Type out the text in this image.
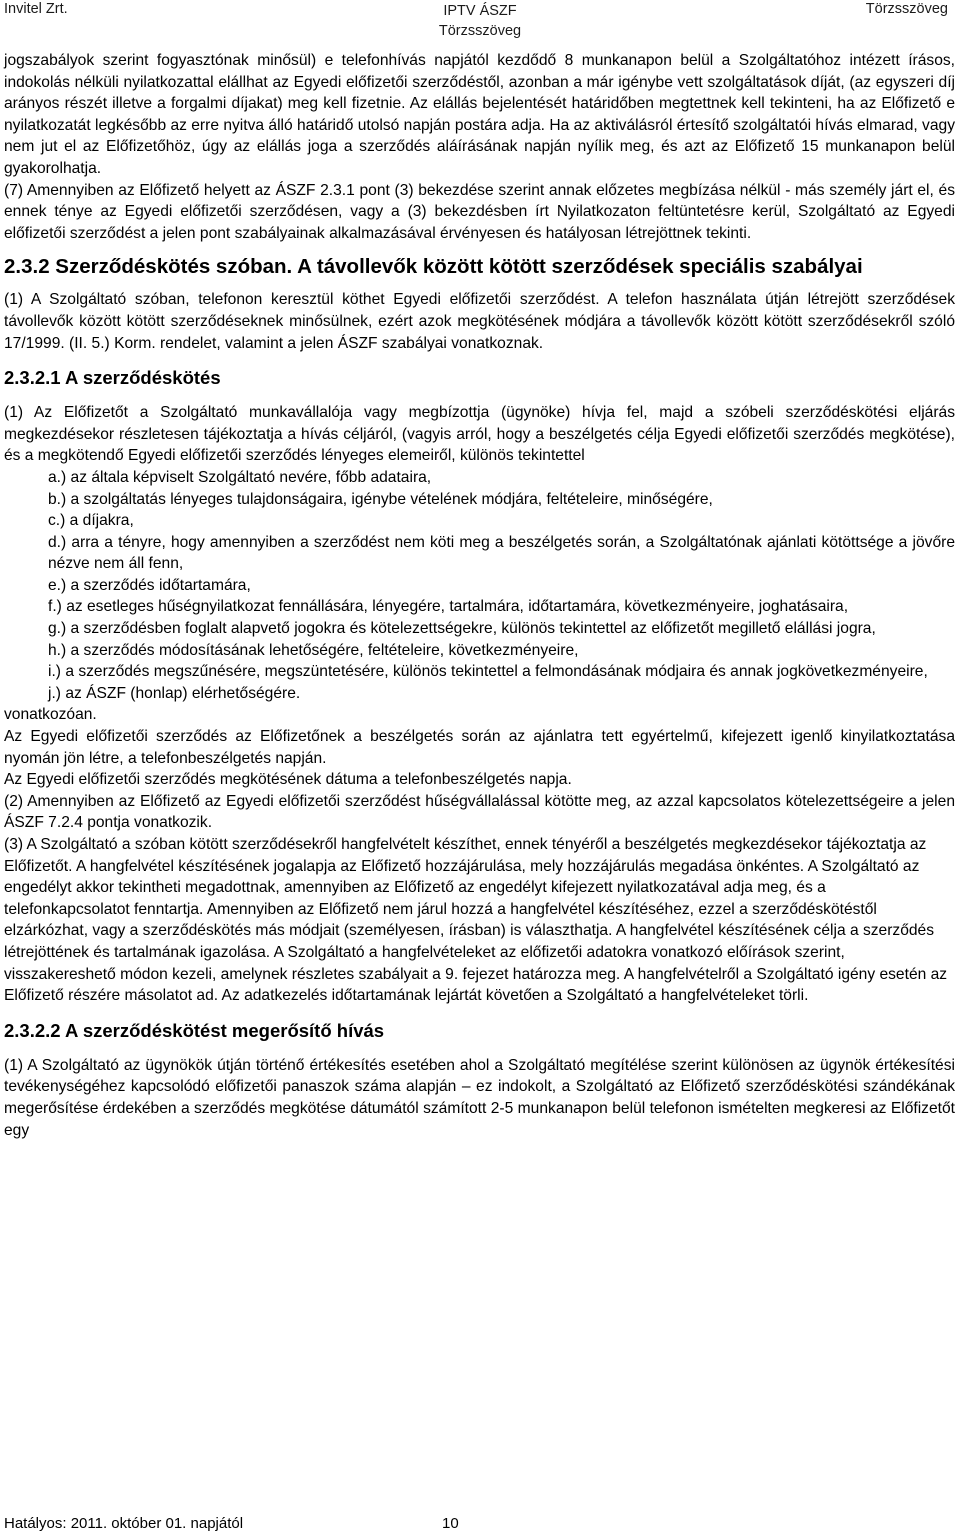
Invitel Zrt.	IPTV ÁSZF
Törzsszöveg
Törzsszöveg

jogszabályok szerint fogyasztónak minősül) e telefonhívás napjától kezdődő 8 munkanapon belül a Szolgáltatóhoz intézett írásos, indokolás nélküli nyilatkozattal elállhat az Egyedi előfizetői szerződéstől, azonban a már igénybe vett szolgáltatások díját, (az egyszeri díj arányos részét illetve a forgalmi díjakat) meg kell fizetnie. Az elállás bejelentését határidőben megtettnek kell tekinteni, ha az Előfizető e nyilatkozatát legkésőbb az erre nyitva álló határidő utolsó napján postára adja. Ha az aktiválásról értesítő szolgáltatói hívás elmarad, vagy nem jut el az Előfizetőhöz, úgy az elállás joga a szerződés aláírásának napján nyílik meg, és azt az Előfizető 15 munkanapon belül gyakorolhatja.

(7) Amennyiben az Előfizető helyett az ÁSZF 2.3.1 pont (3) bekezdése szerint annak előzetes megbízása nélkül - más személy járt el, és ennek ténye az Egyedi előfizetői szerződésen, vagy a (3) bekezdésben írt Nyilatkozaton feltüntetésre kerül, Szolgáltató az Egyedi előfizetői szerződést a jelen pont szabályainak alkalmazásával érvényesen és hatályosan létrejöttnek tekinti.

2.3.2 Szerződéskötés szóban. A távollevők között kötött szerződések speciális szabályai

(1) A Szolgáltató szóban, telefonon keresztül köthet Egyedi előfizetői szerződést. A telefon használata útján létrejött szerződések távollevők között kötött szerződéseknek minősülnek, ezért azok megkötésének módjára a távollevők között kötött szerződésekről szóló 17/1999. (II. 5.) Korm. rendelet, valamint a jelen ÁSZF szabályai vonatkoznak.

2.3.2.1 A szerződéskötés

(1) Az Előfizetőt a Szolgáltató munkavállalója vagy megbízottja (ügynöke) hívja fel, majd a szóbeli szerződéskötési eljárás megkezdésekor részletesen tájékoztatja a hívás céljáról, (vagyis arról, hogy a beszélgetés célja Egyedi előfizetői szerződés megkötése), és a megkötendő Egyedi előfizetői szerződés lényeges elemeiről, különös tekintettel

a.) az általa képviselt Szolgáltató nevére, főbb adataira,

b.) a szolgáltatás lényeges tulajdonságaira, igénybe vételének módjára, feltételeire, minőségére,

c.) a díjakra,

d.) arra a tényre, hogy amennyiben a szerződést nem köti meg a beszélgetés során, a Szolgáltatónak ajánlati kötöttsége a jövőre nézve nem áll fenn,

e.) a szerződés időtartamára,

f.) az esetleges hűségnyilatkozat fennállására, lényegére, tartalmára, időtartamára, következményeire, joghatásaira,

g.) a szerződésben foglalt alapvető jogokra és kötelezettségekre, különös tekintettel az előfizetőt megillető elállási jogra,

h.) a szerződés módosításának lehetőségére, feltételeire, következményeire,

i.) a szerződés megszűnésére, megszüntetésére, különös tekintettel a felmondásának módjaira és annak jogkövetkezményeire,

j.) az ÁSZF (honlap) elérhetőségére.

vonatkozóan.

Az Egyedi előfizetői szerződés az Előfizetőnek a beszélgetés során az ajánlatra tett egyértelmű, kifejezett igenlő kinyilatkoztatása nyomán jön létre, a telefonbeszélgetés napján.

Az Egyedi előfizetői szerződés megkötésének dátuma a telefonbeszélgetés napja.

(2) Amennyiben az Előfizető az Egyedi előfizetői szerződést hűségvállalással kötötte meg, az azzal kapcsolatos kötelezettségeire a jelen ÁSZF 7.2.4 pontja vonatkozik.

(3) A Szolgáltató a szóban kötött szerződésekről hangfelvételt készíthet, ennek tényéről a beszélgetés megkezdésekor tájékoztatja az Előfizetőt. A hangfelvétel készítésének jogalapja az Előfizető hozzájárulása, mely hozzájárulás megadása önkéntes. A Szolgáltató az engedélyt akkor tekintheti megadottnak, amennyiben az Előfizető az engedélyt kifejezett nyilatkozatával adja meg, és a telefonkapcsolatot fenntartja. Amennyiben az Előfizető nem járul hozzá a hangfelvétel készítéséhez, ezzel a szerződéskötéstől elzárkózhat, vagy a szerződéskötés más módjait (személyesen, írásban) is választhatja. A hangfelvétel készítésének célja a szerződés létrejöttének és tartalmának igazolása. A Szolgáltató a hangfelvételeket az előfizetői adatokra vonatkozó előírások szerint, visszakereshető módon kezeli, amelynek részletes szabályait a 9. fejezet határozza meg. A hangfelvételről a Szolgáltató igény esetén az Előfizető részére másolatot ad. Az adatkezelés időtartamának lejártát követően a Szolgáltató a hangfelvételeket törli.

2.3.2.2 A szerződéskötést megerősítő hívás

(1) A Szolgáltató az ügynökök útján történő értékesítés esetében ahol a Szolgáltató megítélése szerint különösen az ügynök értékesítési tevékenységéhez kapcsolódó előfizetői panaszok száma alapján – ez indokolt, a Szolgáltató az Előfizető szerződéskötési szándékának megerősítése érdekében a szerződés megkötése dátumától számított 2-5 munkanapon belül telefonon ismételten megkeresi az Előfizetőt egy

Hatályos: 2011. október 01. napjától	10
